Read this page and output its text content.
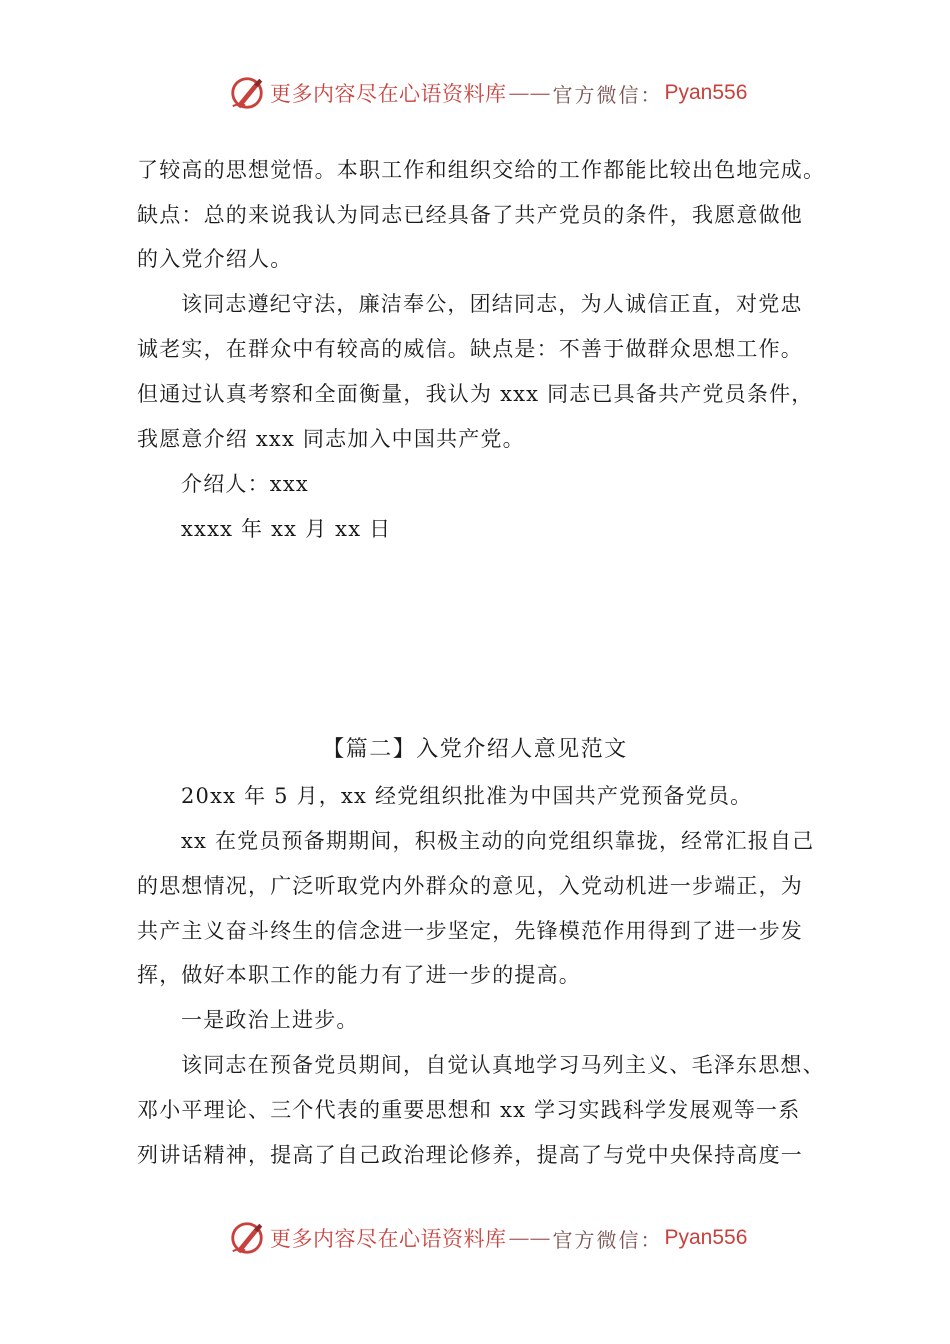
更多内容尽在心语资料库 —— 官方微信： Pyan556
了较高的思想觉悟。本职工作和组织交给的工作都能比较出色地完成。
缺点：总的来说我认为同志已经具备了共产党员的条件，我愿意做他
的入党介绍人。
该同志遵纪守法，廉洁奉公，团结同志，为人诚信正直，对党忠
诚老实，在群众中有较高的威信。缺点是：不善于做群众思想工作。
但通过认真考察和全面衡量，我认为 xxx 同志已具备共产党员条件，
我愿意介绍 xxx 同志加入中国共产党。
介绍人：xxx
xxxx 年 xx 月 xx 日
【篇二】入党介绍人意见范文
20xx 年 5 月，xx 经党组织批准为中国共产党预备党员。
xx 在党员预备期期间，积极主动的向党组织靠拢，经常汇报自己
的思想情况，广泛听取党内外群众的意见，入党动机进一步端正，为
共产主义奋斗终生的信念进一步坚定，先锋模范作用得到了进一步发
挥，做好本职工作的能力有了进一步的提高。
一是政治上进步。
该同志在预备党员期间，自觉认真地学习马列主义、毛泽东思想、
邓小平理论、三个代表的重要思想和 xx 学习实践科学发展观等一系
列讲话精神，提高了自己政治理论修养，提高了与党中央保持高度一
更多内容尽在心语资料库 —— 官方微信： Pyan556
